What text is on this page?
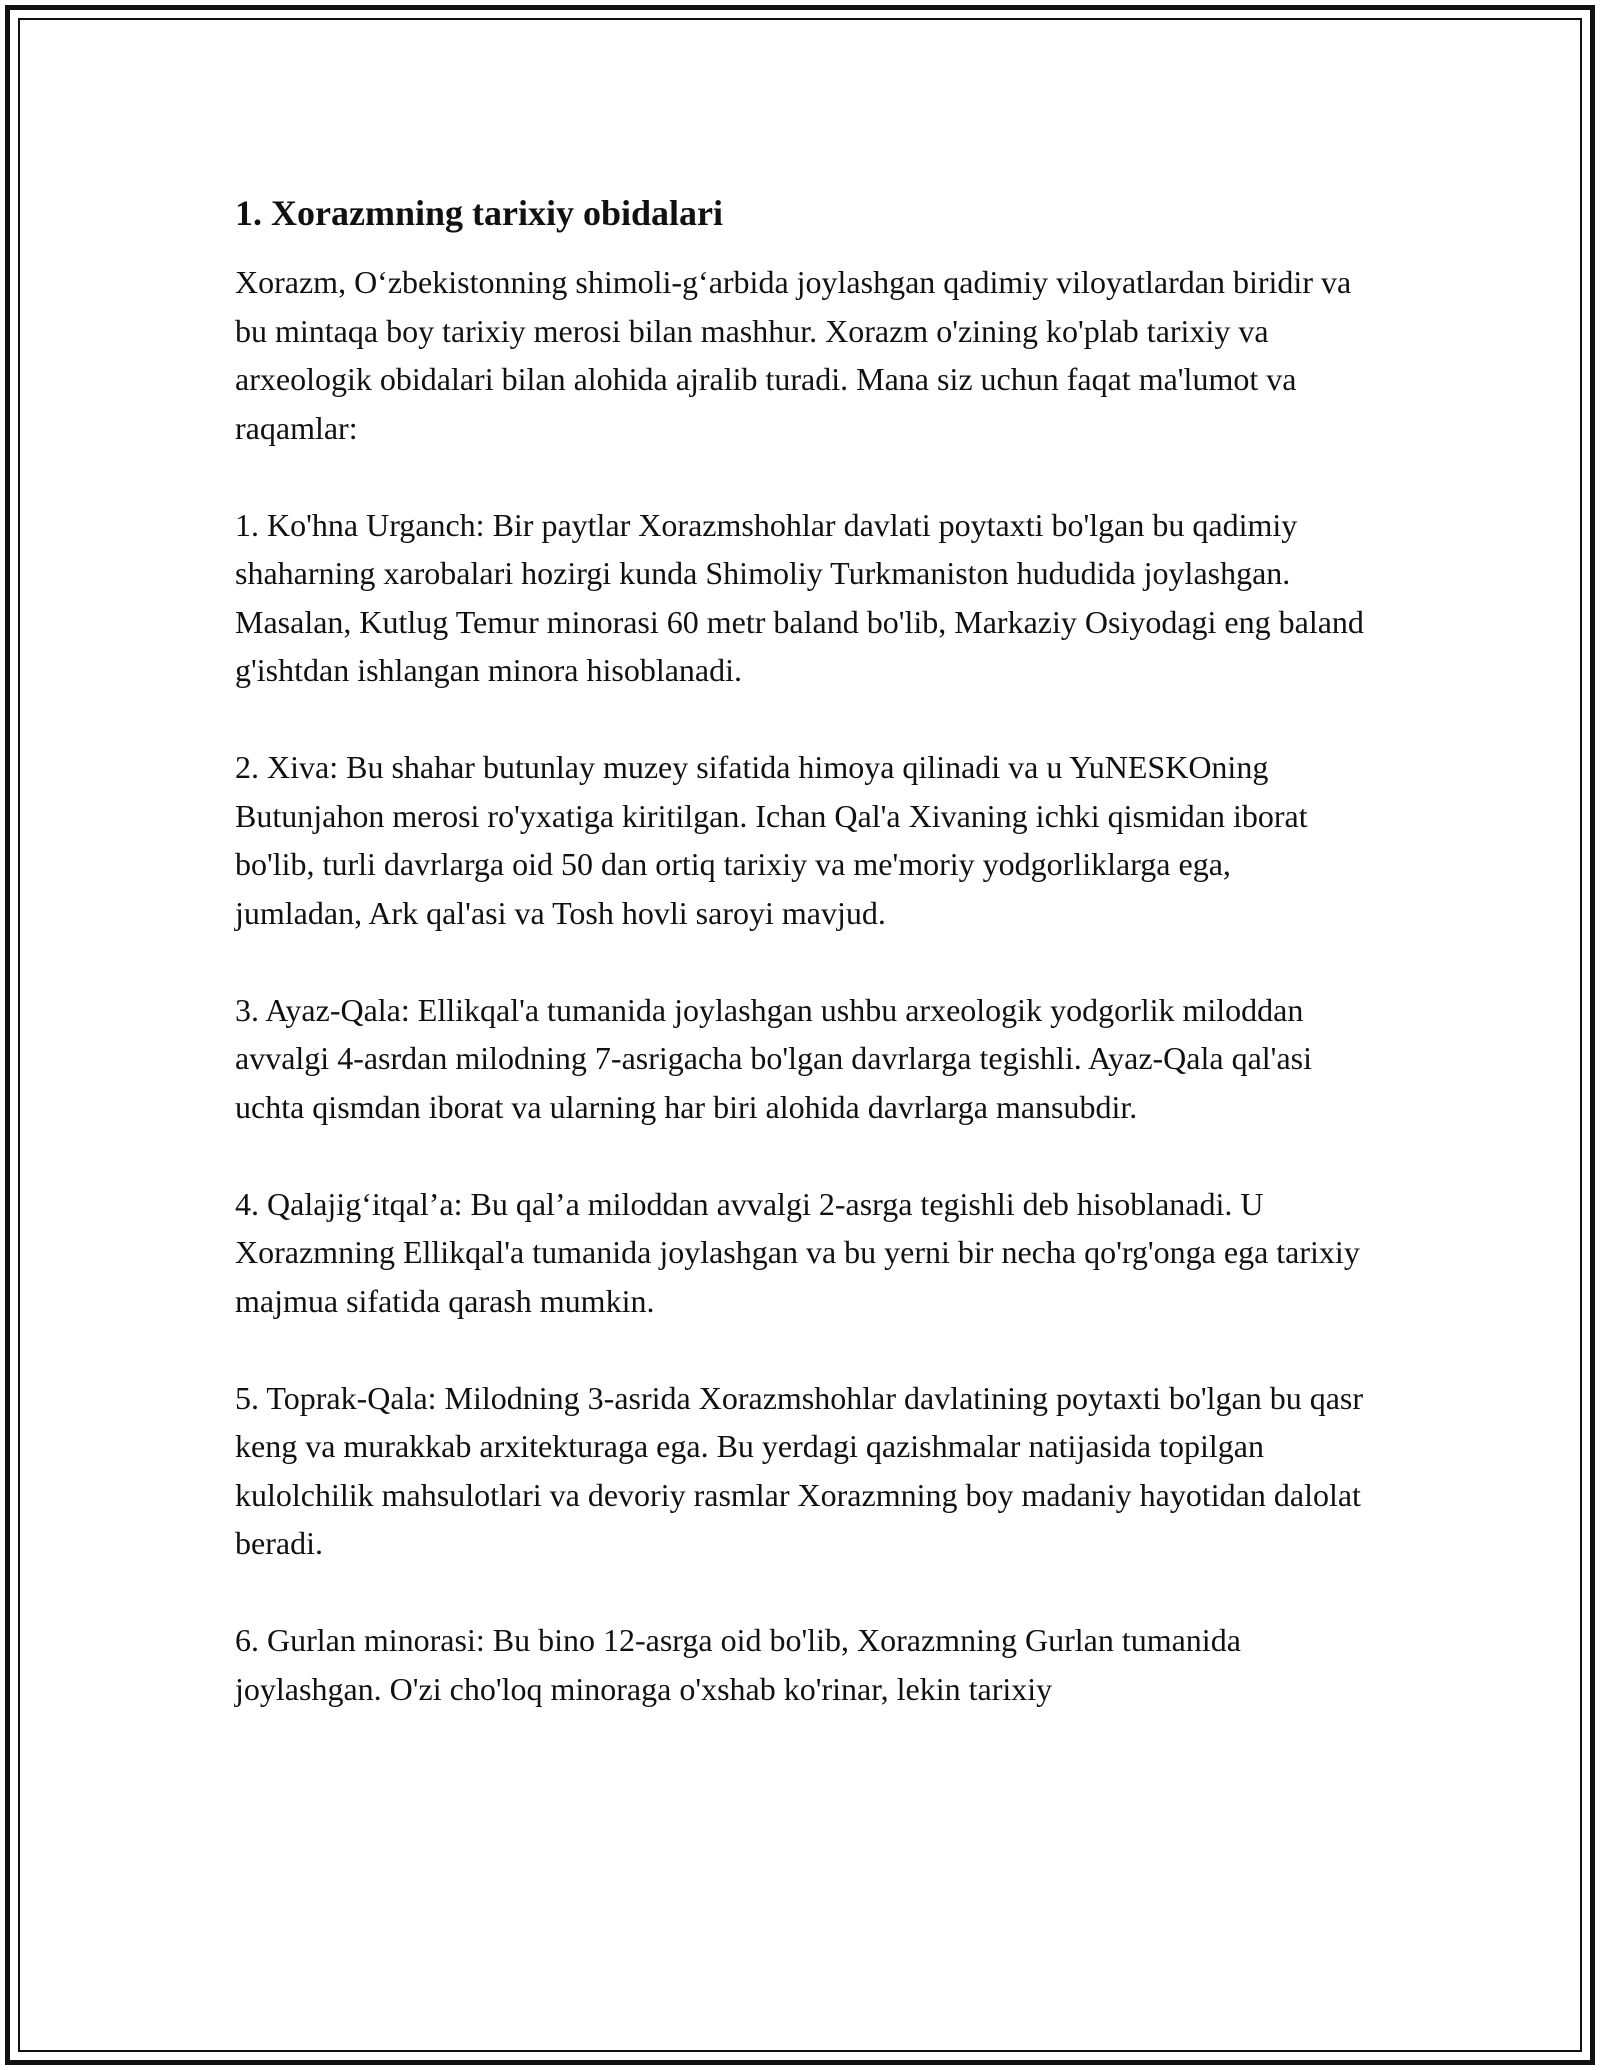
1. Xorazmning tarixiy obidalari

Xorazm, O‘zbekistonning shimoli-g‘arbida joylashgan qadimiy viloyatlardan biridir va bu mintaqa boy tarixiy merosi bilan mashhur. Xorazm o'zining ko'plab tarixiy va arxeologik obidalari bilan alohida ajralib turadi. Mana siz uchun faqat ma'lumot va raqamlar:

1. Ko'hna Urganch: Bir paytlar Xorazmshohlar davlati poytaxti bo'lgan bu qadimiy shaharning xarobalari hozirgi kunda Shimoliy Turkmaniston hududida joylashgan. Masalan, Kutlug Temur minorasi 60 metr baland bo'lib, Markaziy Osiyodagi eng baland g'ishtdan ishlangan minora hisoblanadi.

2. Xiva: Bu shahar butunlay muzey sifatida himoya qilinadi va u YuNESKOning Butunjahon merosi ro'yxatiga kiritilgan. Ichan Qal'a Xivaning ichki qismidan iborat bo'lib, turli davrlarga oid 50 dan ortiq tarixiy va me'moriy yodgorliklarga ega, jumladan, Ark qal'asi va Tosh hovli saroyi mavjud.

3. Ayaz-Qala: Ellikqal'a tumanida joylashgan ushbu arxeologik yodgorlik miloddan avvalgi 4-asrdan milodning 7-asrigacha bo'lgan davrlarga tegishli. Ayaz-Qala qal'asi uchta qismdan iborat va ularning har biri alohida davrlarga mansubdir.

4. Qalajig‘itqal’a: Bu qal’a miloddan avvalgi 2-asrga tegishli deb hisoblanadi. U Xorazmning Ellikqal'a tumanida joylashgan va bu yerni bir necha qo'rg'onga ega tarixiy majmua sifatida qarash mumkin.

5. Toprak-Qala: Milodning 3-asrida Xorazmshohlar davlatining poytaxti bo'lgan bu qasr keng va murakkab arxitekturaga ega. Bu yerdagi qazishmalar natijasida topilgan kulolchilik mahsulotlari va devoriy rasmlar Xorazmning boy madaniy hayotidan dalolat beradi.

6. Gurlan minorasi: Bu bino 12-asrga oid bo'lib, Xorazmning Gurlan tumanida joylashgan. O'zi cho'loq minoraga o'xshab ko'rinar, lekin tarixiy
